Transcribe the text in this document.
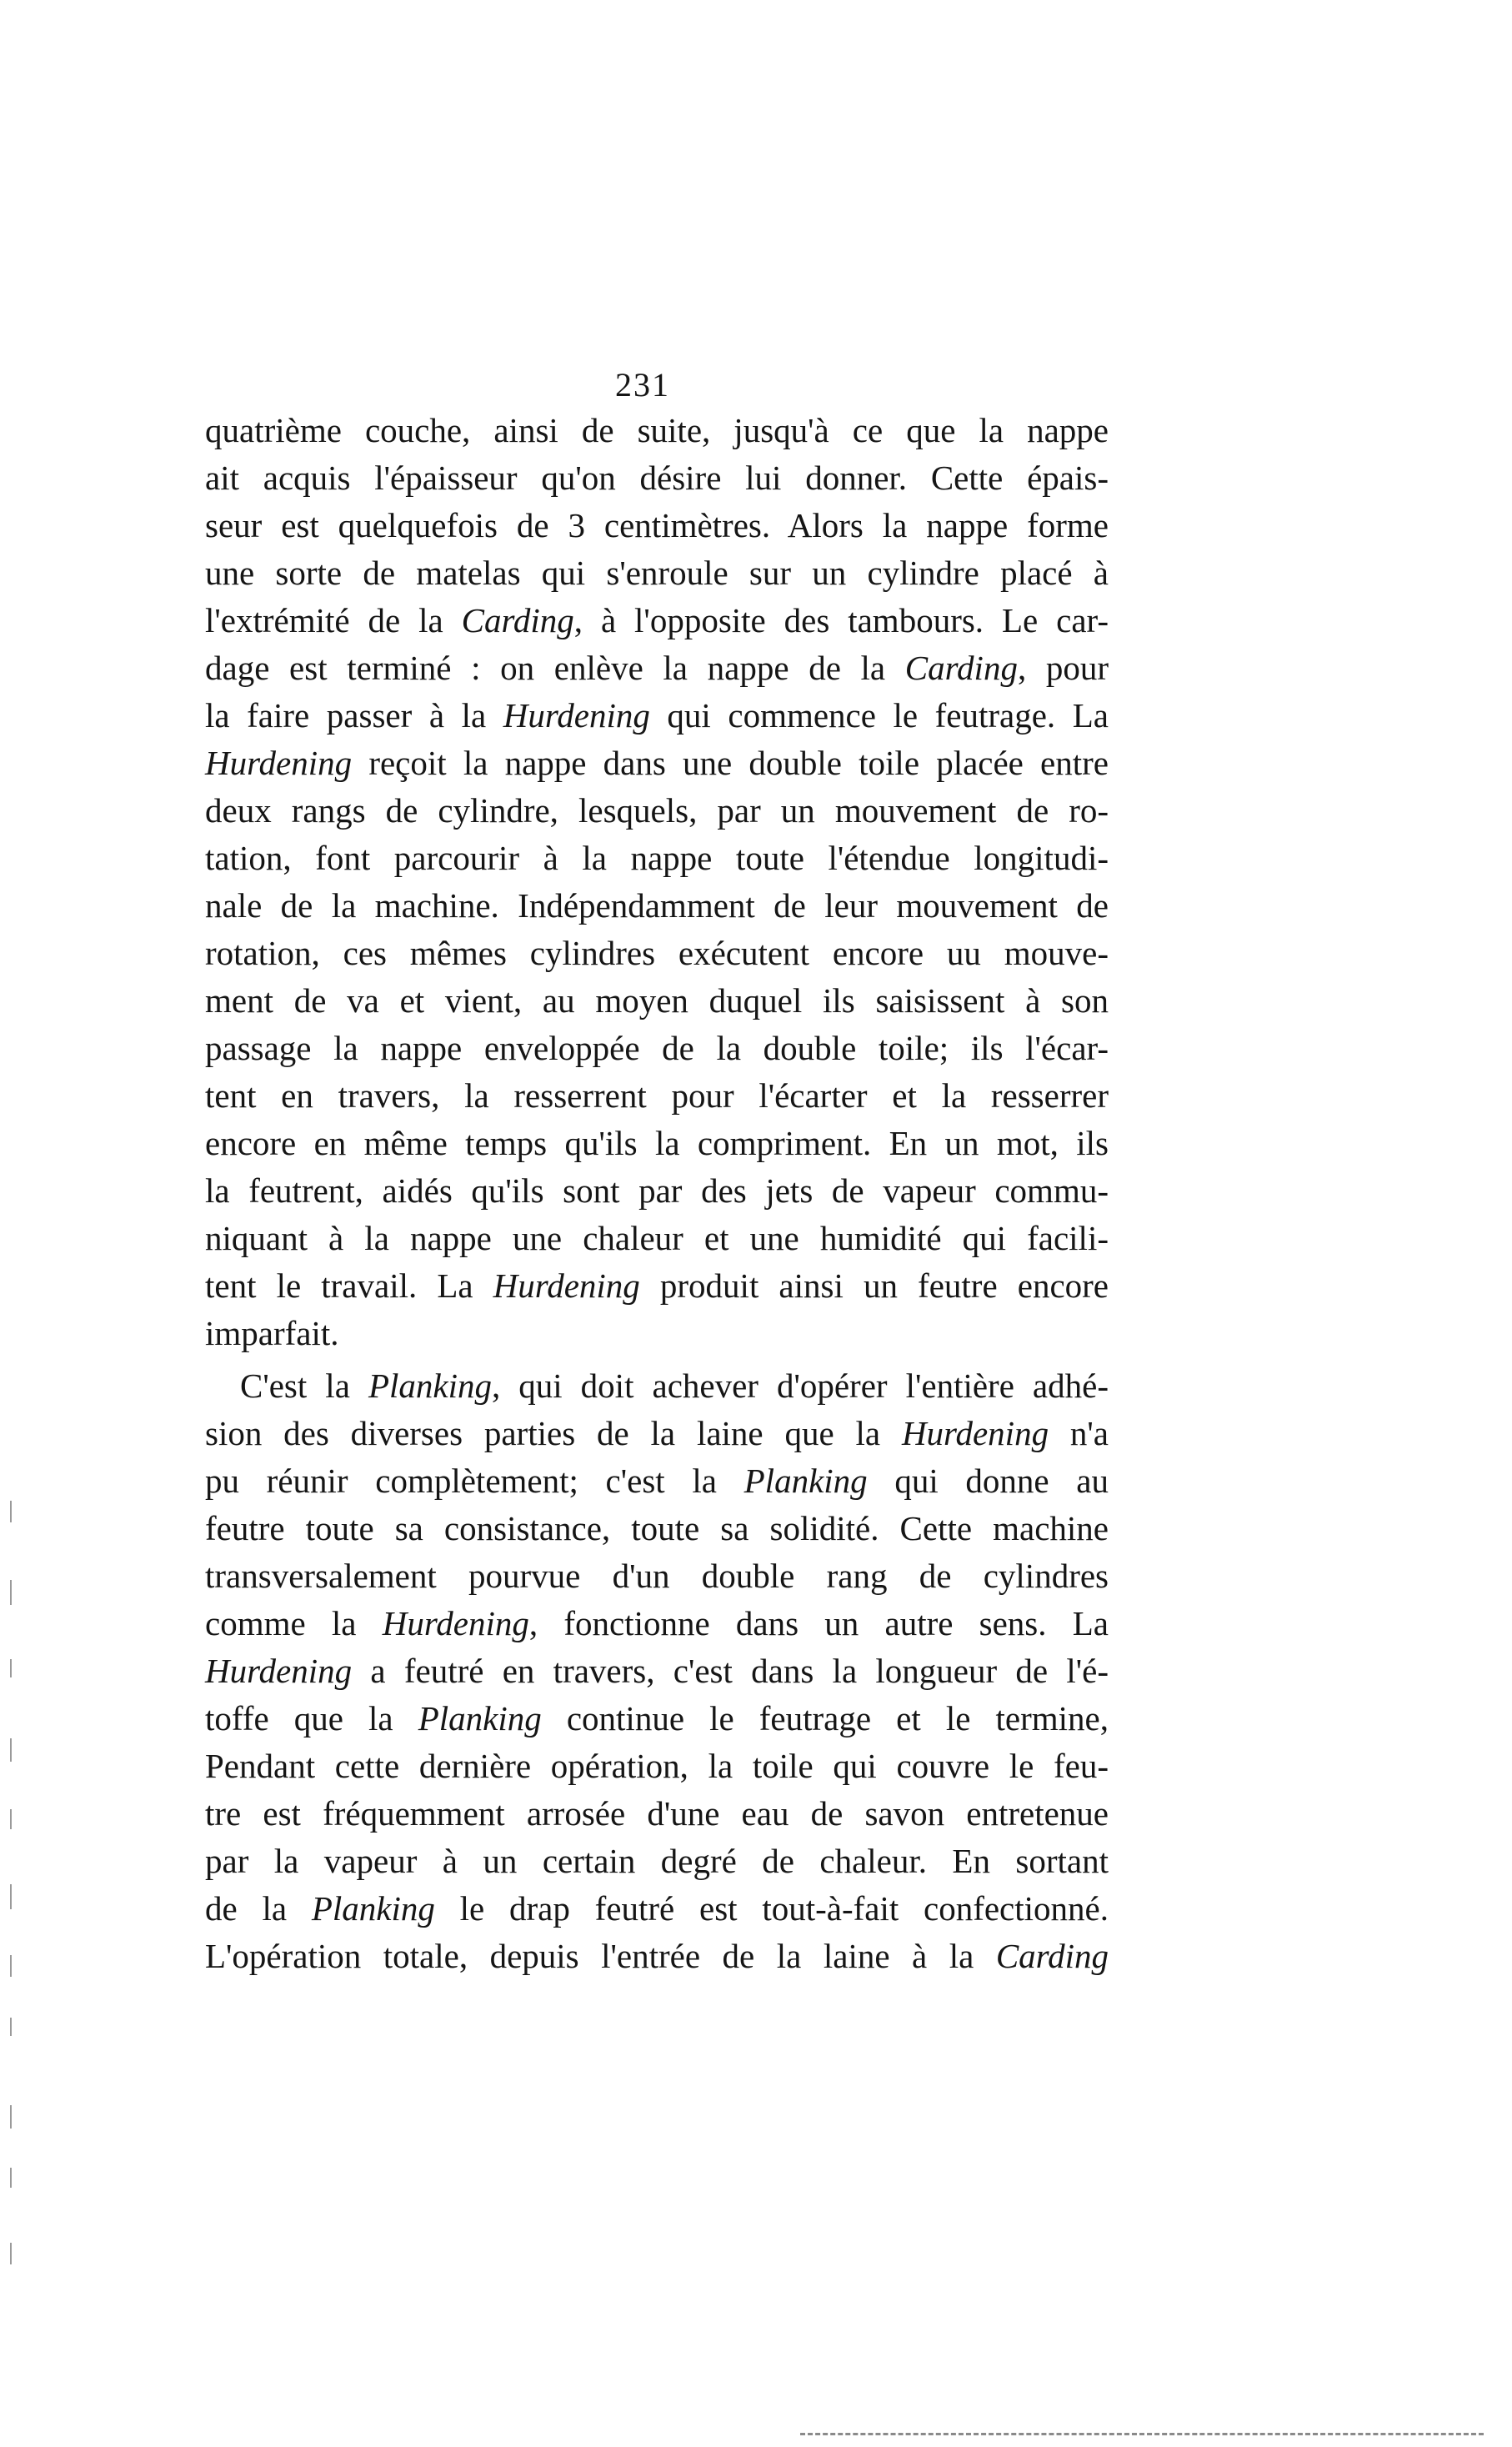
231
quatrième couche, ainsi de suite, jusqu'à ce que la nappe
ait acquis l'épaisseur qu'on désire lui donner. Cette épais-
seur est quelquefois de 3 centimètres. Alors la nappe forme
une sorte de matelas qui s'enroule sur un cylindre placé à
l'extrémité de la Carding, à l'opposite des tambours. Le car-
dage est terminé : on enlève la nappe de la Carding, pour
la faire passer à la Hurdening qui commence le feutrage. La
Hurdening reçoit la nappe dans une double toile placée entre
deux rangs de cylindre, lesquels, par un mouvement de ro-
tation, font parcourir à la nappe toute l'étendue longitudi-
nale de la machine. Indépendamment de leur mouvement de
rotation, ces mêmes cylindres exécutent encore uu mouve-
ment de va et vient, au moyen duquel ils saisissent à son
passage la nappe enveloppée de la double toile; ils l'écar-
tent en travers, la resserrent pour l'écarter et la resserrer
encore en même temps qu'ils la compriment. En un mot, ils
la feutrent, aidés qu'ils sont par des jets de vapeur commu-
niquant à la nappe une chaleur et une humidité qui facili-
tent le travail. La Hurdening produit ainsi un feutre encore
imparfait.
C'est la Planking, qui doit achever d'opérer l'entière adhé-
sion des diverses parties de la laine que la Hurdening n'a
pu réunir complètement; c'est la Planking qui donne au
feutre toute sa consistance, toute sa solidité. Cette machine
transversalement pourvue d'un double rang de cylindres
comme la Hurdening, fonctionne dans un autre sens. La
Hurdening a feutré en travers, c'est dans la longueur de l'é-
toffe que la Planking continue le feutrage et le termine,
Pendant cette dernière opération, la toile qui couvre le feu-
tre est fréquemment arrosée d'une eau de savon entretenue
par la vapeur à un certain degré de chaleur. En sortant
de la Planking le drap feutré est tout-à-fait confectionné.
L'opération totale, depuis l'entrée de la laine à la Carding
